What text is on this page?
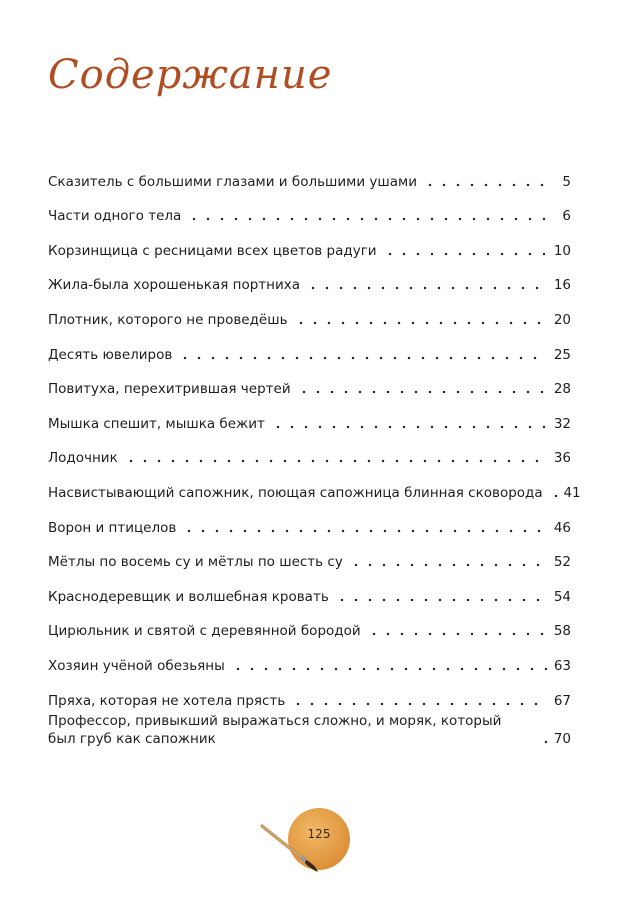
Содержание
Сказитель с большими глазами и большими ушами	5
Части одного тела	6
Корзинщица с ресницами всех цветов радуги	10
Жила-была хорошенькая портниха	16
Плотник, которого не проведёшь	20
Десять ювелиров	25
Повитуха, перехитрившая чертей	28
Мышка спешит, мышка бежит	32
Лодочник	36
Насвистывающий сапожник, поющая сапожница блинная сковорода 41
Ворон и птицелов	46
Мётлы по восемь су и мётлы по шесть су	52
Краснодеревщик и волшебная кровать	54
Цирюльник и святой с деревянной бородой	58
Хозяин учёной обезьяны	63
Пряха, которая не хотела прясть	67
Профессор, привыкший выражаться сложно, и моряк, который был груб как сапожник	70
125
